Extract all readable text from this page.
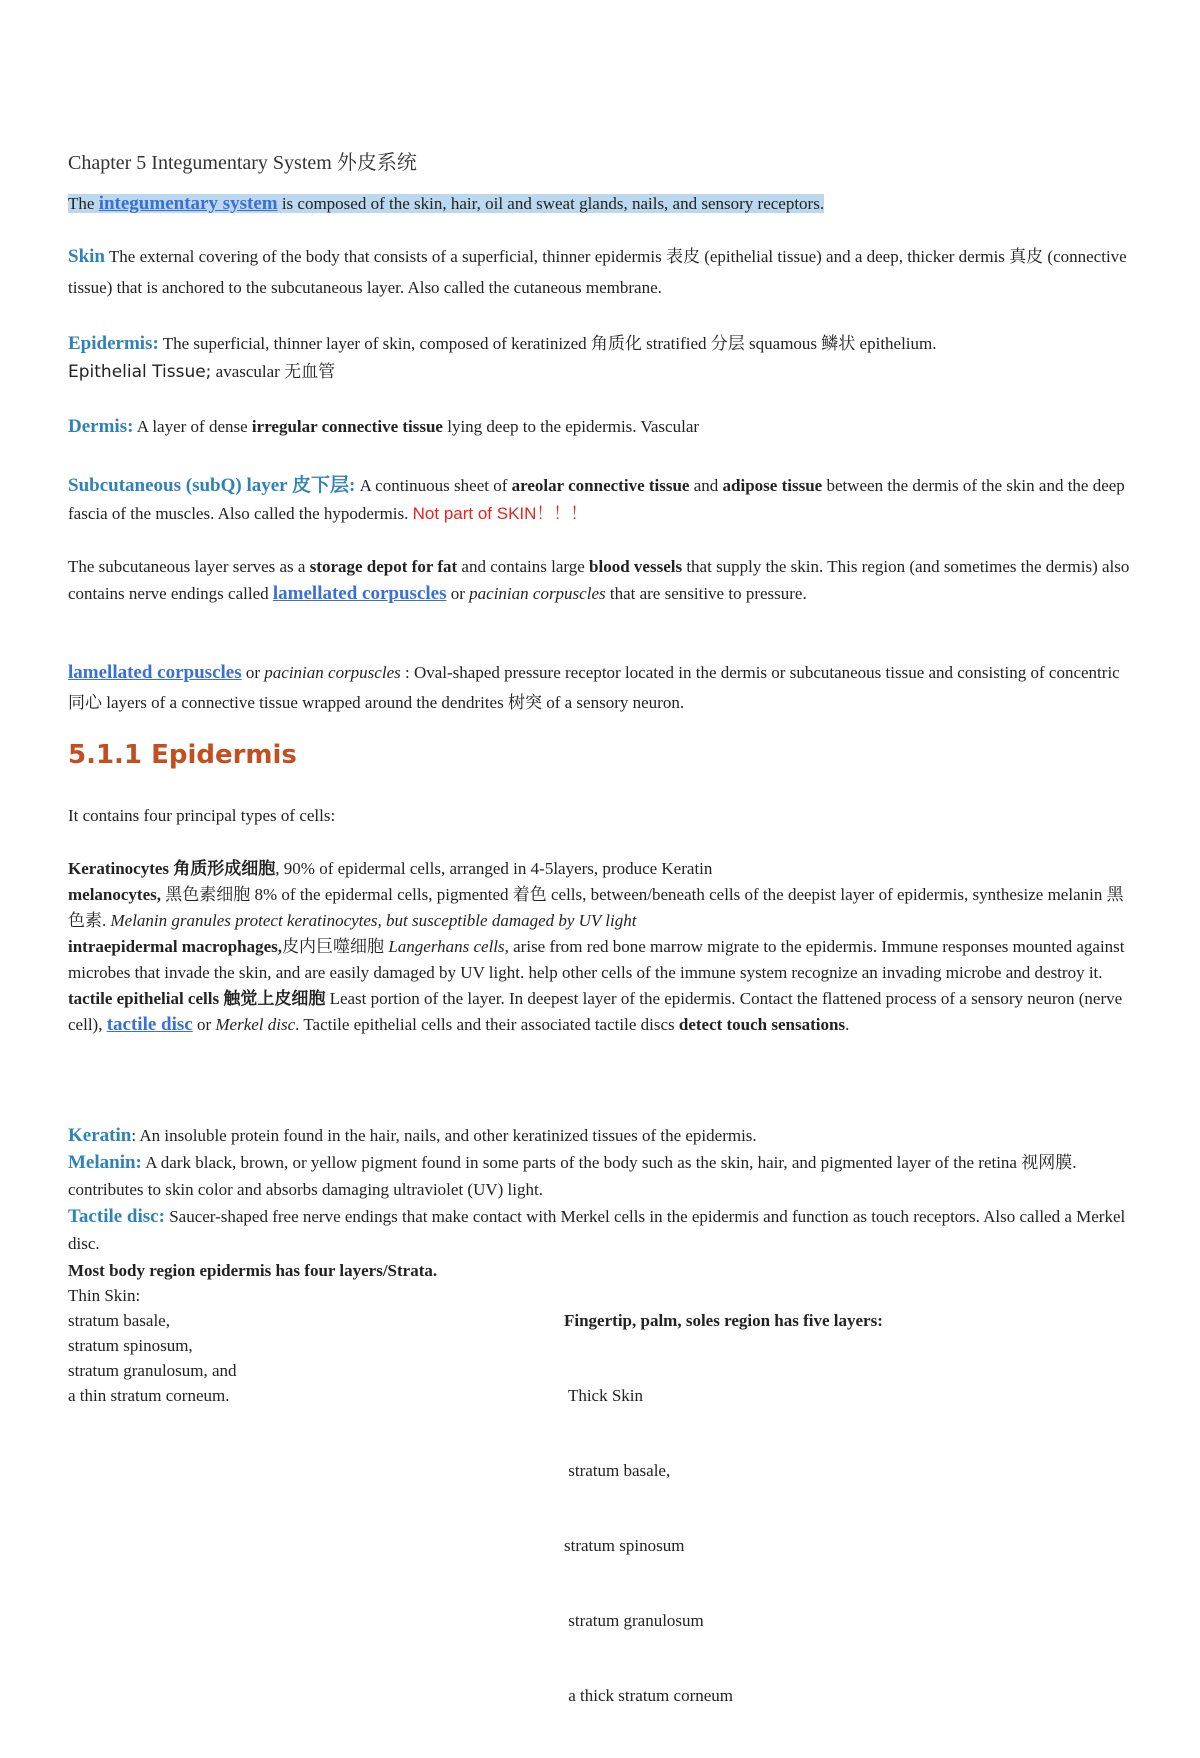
Chapter 5 Integumentary System 外皮系统
The integumentary system is composed of the skin, hair, oil and sweat glands, nails, and sensory receptors.
Skin The external covering of the body that consists of a superficial, thinner epidermis 表皮 (epithelial tissue) and a deep, thicker dermis 真皮 (connective tissue) that is anchored to the subcutaneous layer. Also called the cutaneous membrane.
Epidermis: The superficial, thinner layer of skin, composed of keratinized 角质化 stratified 分层 squamous 鳞状 epithelium.
Epithelial Tissue; avascular 无血管
Dermis: A layer of dense irregular connective tissue lying deep to the epidermis. Vascular
Subcutaneous (subQ) layer 皮下层: A continuous sheet of areolar connective tissue and adipose tissue between the dermis of the skin and the deep fascia of the muscles. Also called the hypodermis. Not part of SKIN！！！
The subcutaneous layer serves as a storage depot for fat and contains large blood vessels that supply the skin. This region (and sometimes the dermis) also contains nerve endings called lamellated corpuscles or pacinian corpuscles that are sensitive to pressure.
lamellated corpuscles or pacinian corpuscles : Oval-shaped pressure receptor located in the dermis or subcutaneous tissue and consisting of concentric 同心 layers of a connective tissue wrapped around the dendrites 树突 of a sensory neuron.
5.1.1 Epidermis
It contains four principal types of cells:
Keratinocytes 角质形成细胞, 90% of epidermal cells, arranged in 4-5layers, produce Keratin
melanocytes, 黑色素细胞 8% of the epidermal cells, pigmented 着色 cells, between/beneath cells of the deepist layer of epidermis, synthesize melanin 黑色素. Melanin granules protect keratinocytes, but susceptible damaged by UV light
intraepidermal macrophages,皮内巨噬细胞 Langerhans cells, arise from red bone marrow migrate to the epidermis. Immune responses mounted against microbes that invade the skin, and are easily damaged by UV light. help other cells of the immune system recognize an invading microbe and destroy it.
tactile epithelial cells 触觉上皮细胞 Least portion of the layer. In deepest layer of the epidermis. Contact the flattened process of a sensory neuron (nerve cell), tactile disc or Merkel disc. Tactile epithelial cells and their associated tactile discs detect touch sensations.
Keratin: An insoluble protein found in the hair, nails, and other keratinized tissues of the epidermis.
Melanin: A dark black, brown, or yellow pigment found in some parts of the body such as the skin, hair, and pigmented layer of the retina 视网膜. contributes to skin color and absorbs damaging ultraviolet (UV) light.
Tactile disc: Saucer-shaped free nerve endings that make contact with Merkel cells in the epidermis and function as touch receptors. Also called a Merkel disc.
Most body region epidermis has four layers/Strata.
Thin Skin:
stratum basale,
stratum spinosum,
stratum granulosum, and
a thin stratum corneum.

Fingertip, palm, soles region has five layers:

Thick Skin

stratum basale,

stratum spinosum

stratum granulosum

a thick stratum corneum
